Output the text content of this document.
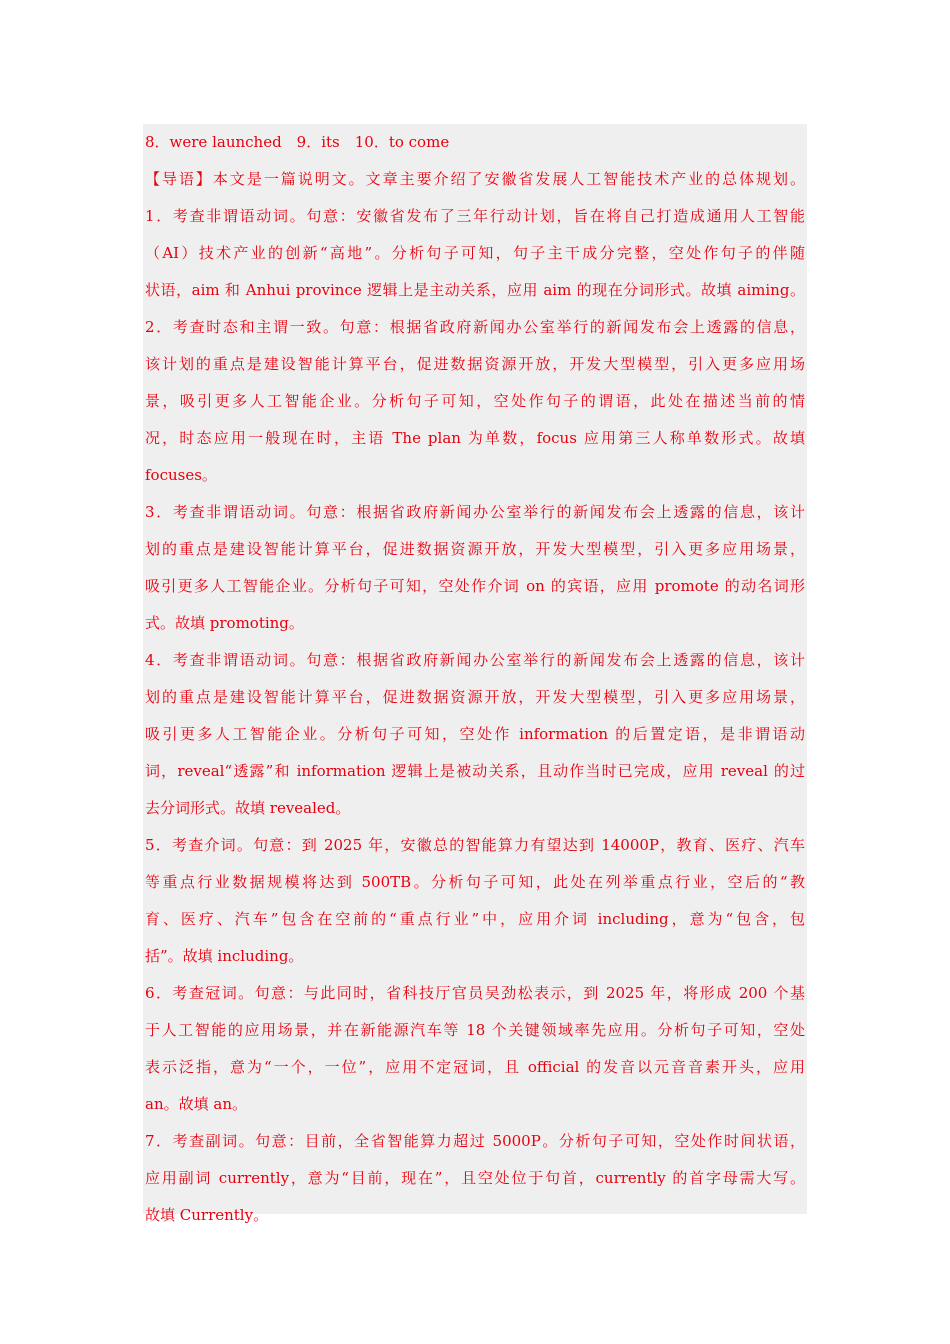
8．were launched　9．its　10．to come
【导语】本文是一篇说明文。文章主要介绍了安徽省发展人工智能技术产业的总体规划。
1．考查非谓语动词。句意：安徽省发布了三年行动计划，旨在将自己打造成通用人工智能
（AI）技术产业的创新“高地”。分析句子可知，句子主干成分完整，空处作句子的伴随
状语，aim 和 Anhui province 逻辑上是主动关系，应用 aim 的现在分词形式。故填 aiming。
2．考查时态和主谓一致。句意：根据省政府新闻办公室举行的新闻发布会上透露的信息，
该计划的重点是建设智能计算平台，促进数据资源开放，开发大型模型，引入更多应用场
景，吸引更多人工智能企业。分析句子可知，空处作句子的谓语，此处在描述当前的情
况，时态应用一般现在时，主语 The plan 为单数，focus 应用第三人称单数形式。故填
focuses。
3．考查非谓语动词。句意：根据省政府新闻办公室举行的新闻发布会上透露的信息，该计
划的重点是建设智能计算平台，促进数据资源开放，开发大型模型，引入更多应用场景，
吸引更多人工智能企业。分析句子可知，空处作介词 on 的宾语，应用 promote 的动名词形
式。故填 promoting。
4．考查非谓语动词。句意：根据省政府新闻办公室举行的新闻发布会上透露的信息，该计
划的重点是建设智能计算平台，促进数据资源开放，开发大型模型，引入更多应用场景，
吸引更多人工智能企业。分析句子可知，空处作 information 的后置定语，是非谓语动
词，reveal“透露”和 information 逻辑上是被动关系，且动作当时已完成，应用 reveal 的过
去分词形式。故填 revealed。
5．考查介词。句意：到 2025 年，安徽总的智能算力有望达到 14000P，教育、医疗、汽车
等重点行业数据规模将达到 500TB。分析句子可知，此处在列举重点行业，空后的“教
育、医疗、汽车”包含在空前的“重点行业”中，应用介词 including，意为“包含，包
括”。故填 including。
6．考查冠词。句意：与此同时，省科技厅官员吴劲松表示，到 2025 年，将形成 200 个基
于人工智能的应用场景，并在新能源汽车等 18 个关键领域率先应用。分析句子可知，空处
表示泛指，意为“一个，一位”，应用不定冠词，且 official 的发音以元音音素开头，应用
an。故填 an。
7．考查副词。句意：目前，全省智能算力超过 5000P。分析句子可知，空处作时间状语，
应用副词 currently，意为“目前，现在”，且空处位于句首，currently 的首字母需大写。
故填 Currently。
